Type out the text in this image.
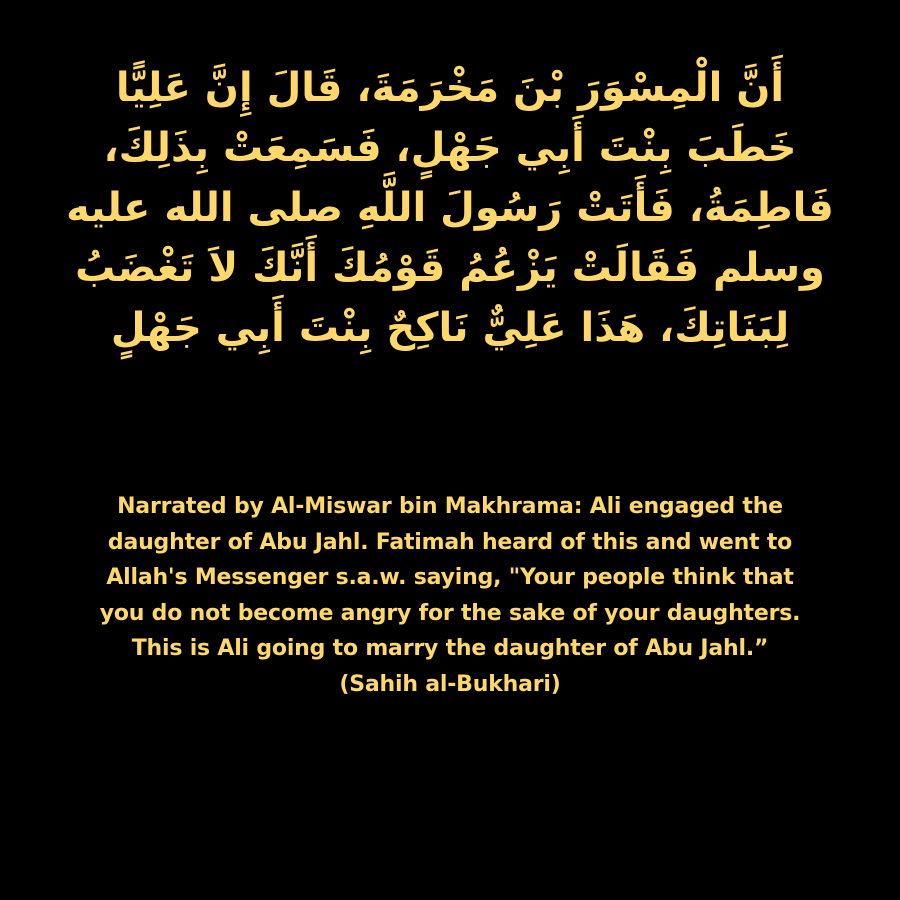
أَنَّ الْمِسْوَرَ بْنَ مَخْرَمَةَ، قَالَ إِنَّ عَلِيًّا
خَطَبَ بِنْتَ أَبِي جَهْلٍ، فَسَمِعَتْ بِذَلِكَ،
فَاطِمَةُ، فَأَتَتْ رَسُولَ اللَّهِ صلى الله عليه
وسلم فَقَالَتْ يَزْعُمُ قَوْمُكَ أَنَّكَ لاَ تَغْضَبُ
لِبَنَاتِكَ، هَذَا عَلِيٌّ نَاكِحٌ بِنْتَ أَبِي جَهْلٍ
Narrated by Al-Miswar bin Makhrama: Ali engaged the
daughter of Abu Jahl. Fatimah heard of this and went to
Allah's Messenger s.a.w. saying, "Your people think that
you do not become angry for the sake of your daughters.
This is Ali going to marry the daughter of Abu Jahl.”
(Sahih al-Bukhari)
